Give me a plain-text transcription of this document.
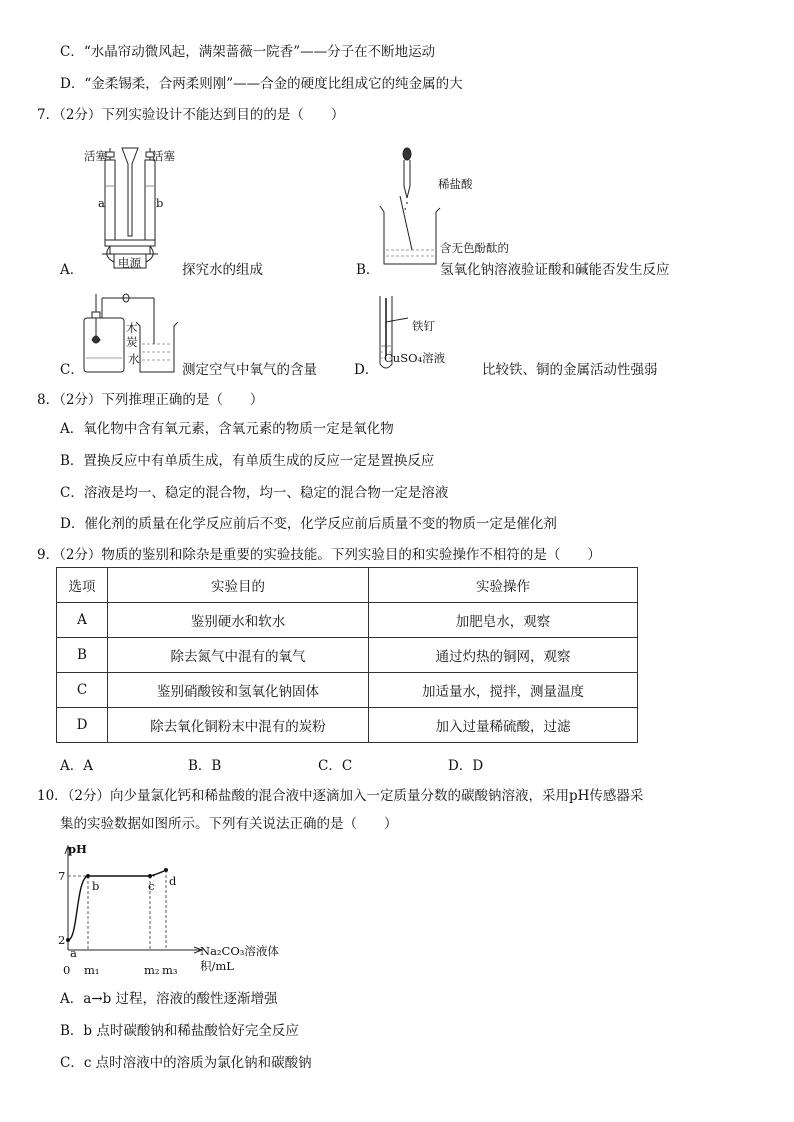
C．“水晶帘动微风起，满架蔷薇一院香”——分子在不断地运动
D．“金柔锡柔，合两柔则刚”——合金的硬度比组成它的纯金属的大
7．（2分）下列实验设计不能达到目的的是（　　）
活塞	活塞
a	b
电源
A．	探究水的组成
稀盐酸
含无色酚酞的
B．	氢氧化钠溶液验证酸和碱能否发生反应
木
炭
水
C．	测定空气中氧气的含量
铁钉
CuSO₄溶液
D．	比较铁、铜的金属活动性强弱
8．（2分）下列推理正确的是（　　）
A．氧化物中含有氧元素，含氧元素的物质一定是氧化物
B．置换反应中有单质生成，有单质生成的反应一定是置换反应
C．溶液是均一、稳定的混合物，均一、稳定的混合物一定是溶液
D．催化剂的质量在化学反应前后不变，化学反应前后质量不变的物质一定是催化剂
9．（2分）物质的鉴别和除杂是重要的实验技能。下列实验目的和实验操作不相符的是（　　）
选项	实验目的	实验操作
A	鉴别硬水和软水	加肥皂水，观察
B	除去氮气中混有的氧气	通过灼热的铜网，观察
C	鉴别硝酸铵和氢氧化钠固体	加适量水，搅拌，测量温度
D	除去氧化铜粉末中混有的炭粉	加入过量稀硫酸，过滤
A．A	B．B	C．C	D．D
10．（2分）向少量氯化钙和稀盐酸的混合液中逐滴加入一定质量分数的碳酸钠溶液，采用pH传感器采
集的实验数据如图所示。下列有关说法正确的是（　　）
pH
7
2
a
b	c d
0 m₁	m₂ m₃
Na₂CO₃溶液体积/mL
A．a→b 过程，溶液的酸性逐渐增强
B．b 点时碳酸钠和稀盐酸恰好完全反应
C．c 点时溶液中的溶质为氯化钠和碳酸钠
